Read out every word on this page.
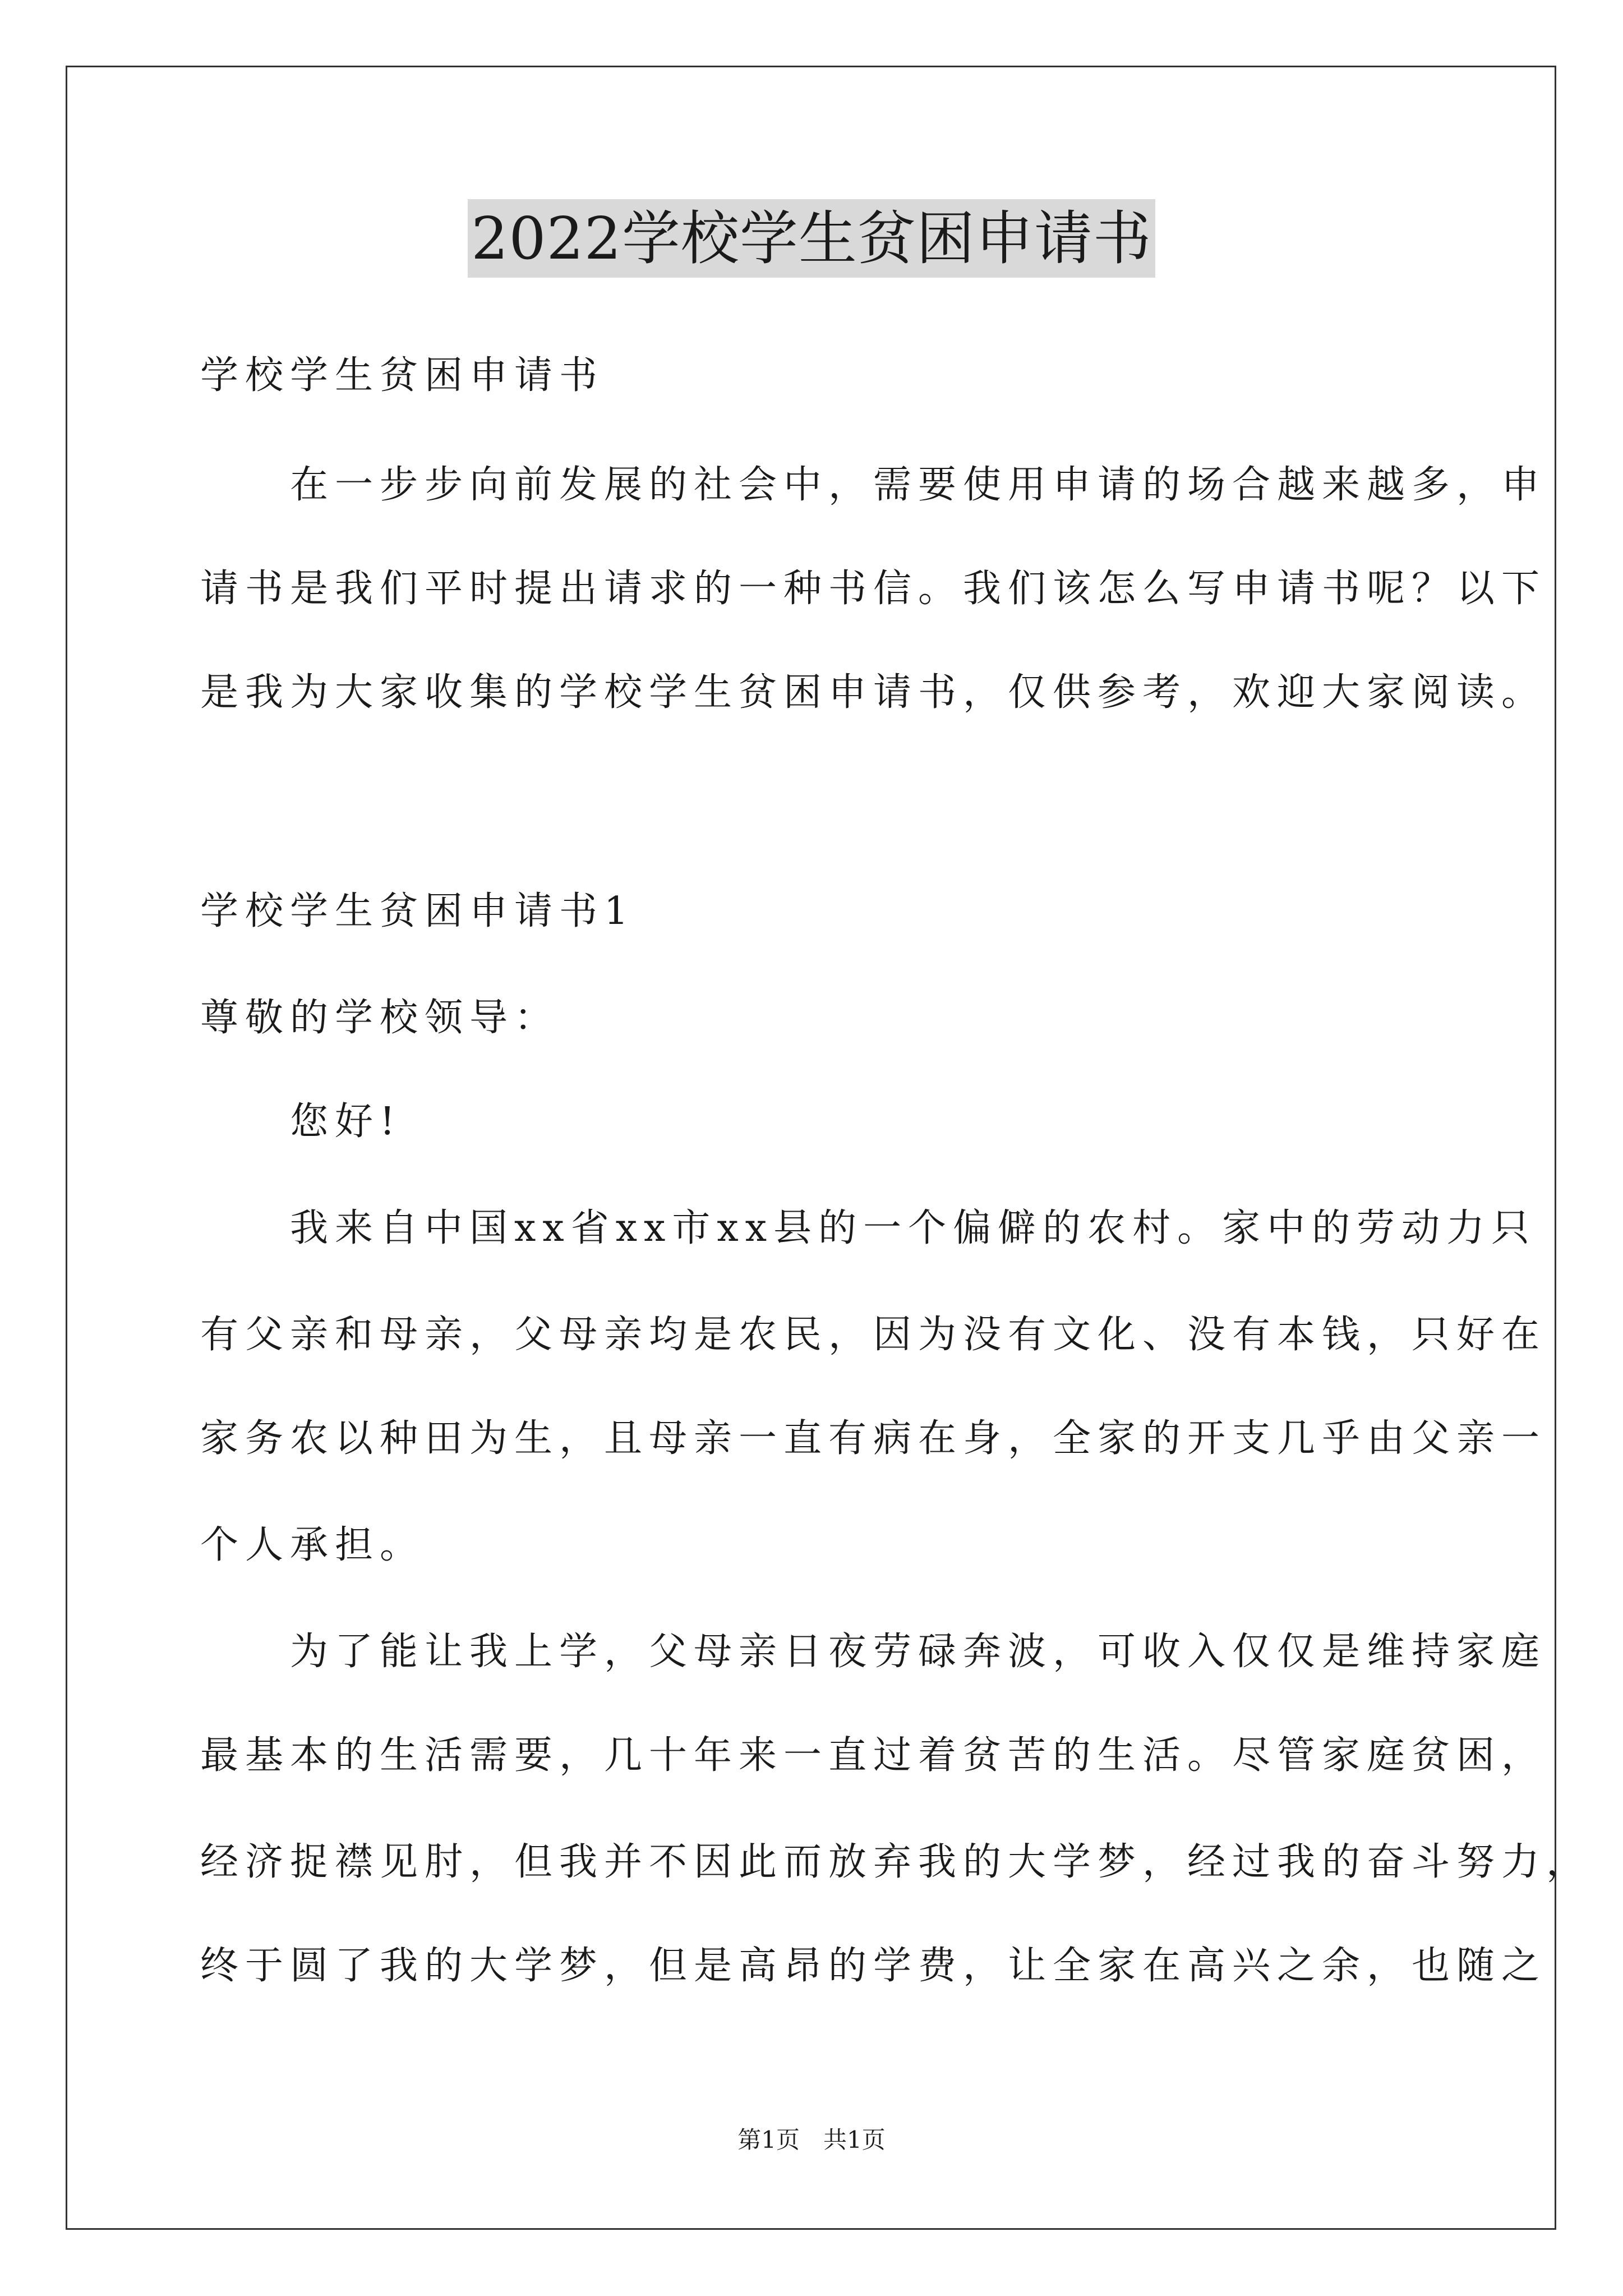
2022学校学生贫困申请书
学校学生贫困申请书
　　在一步步向前发展的社会中，需要使用申请的场合越来越多，申
请书是我们平时提出请求的一种书信。我们该怎么写申请书呢？以下
是我为大家收集的学校学生贫困申请书，仅供参考，欢迎大家阅读。
学校学生贫困申请书1
尊敬的学校领导：
　　您好!
　　我来自中国xx省xx市xx县的一个偏僻的农村。家中的劳动力只
有父亲和母亲，父母亲均是农民，因为没有文化、没有本钱，只好在
家务农以种田为生，且母亲一直有病在身，全家的开支几乎由父亲一
个人承担。
　　为了能让我上学，父母亲日夜劳碌奔波，可收入仅仅是维持家庭
最基本的生活需要，几十年来一直过着贫苦的生活。尽管家庭贫困，
经济捉襟见肘，但我并不因此而放弃我的大学梦，经过我的奋斗努力，
终于圆了我的大学梦，但是高昂的学费，让全家在高兴之余，也随之
第1页　共1页
